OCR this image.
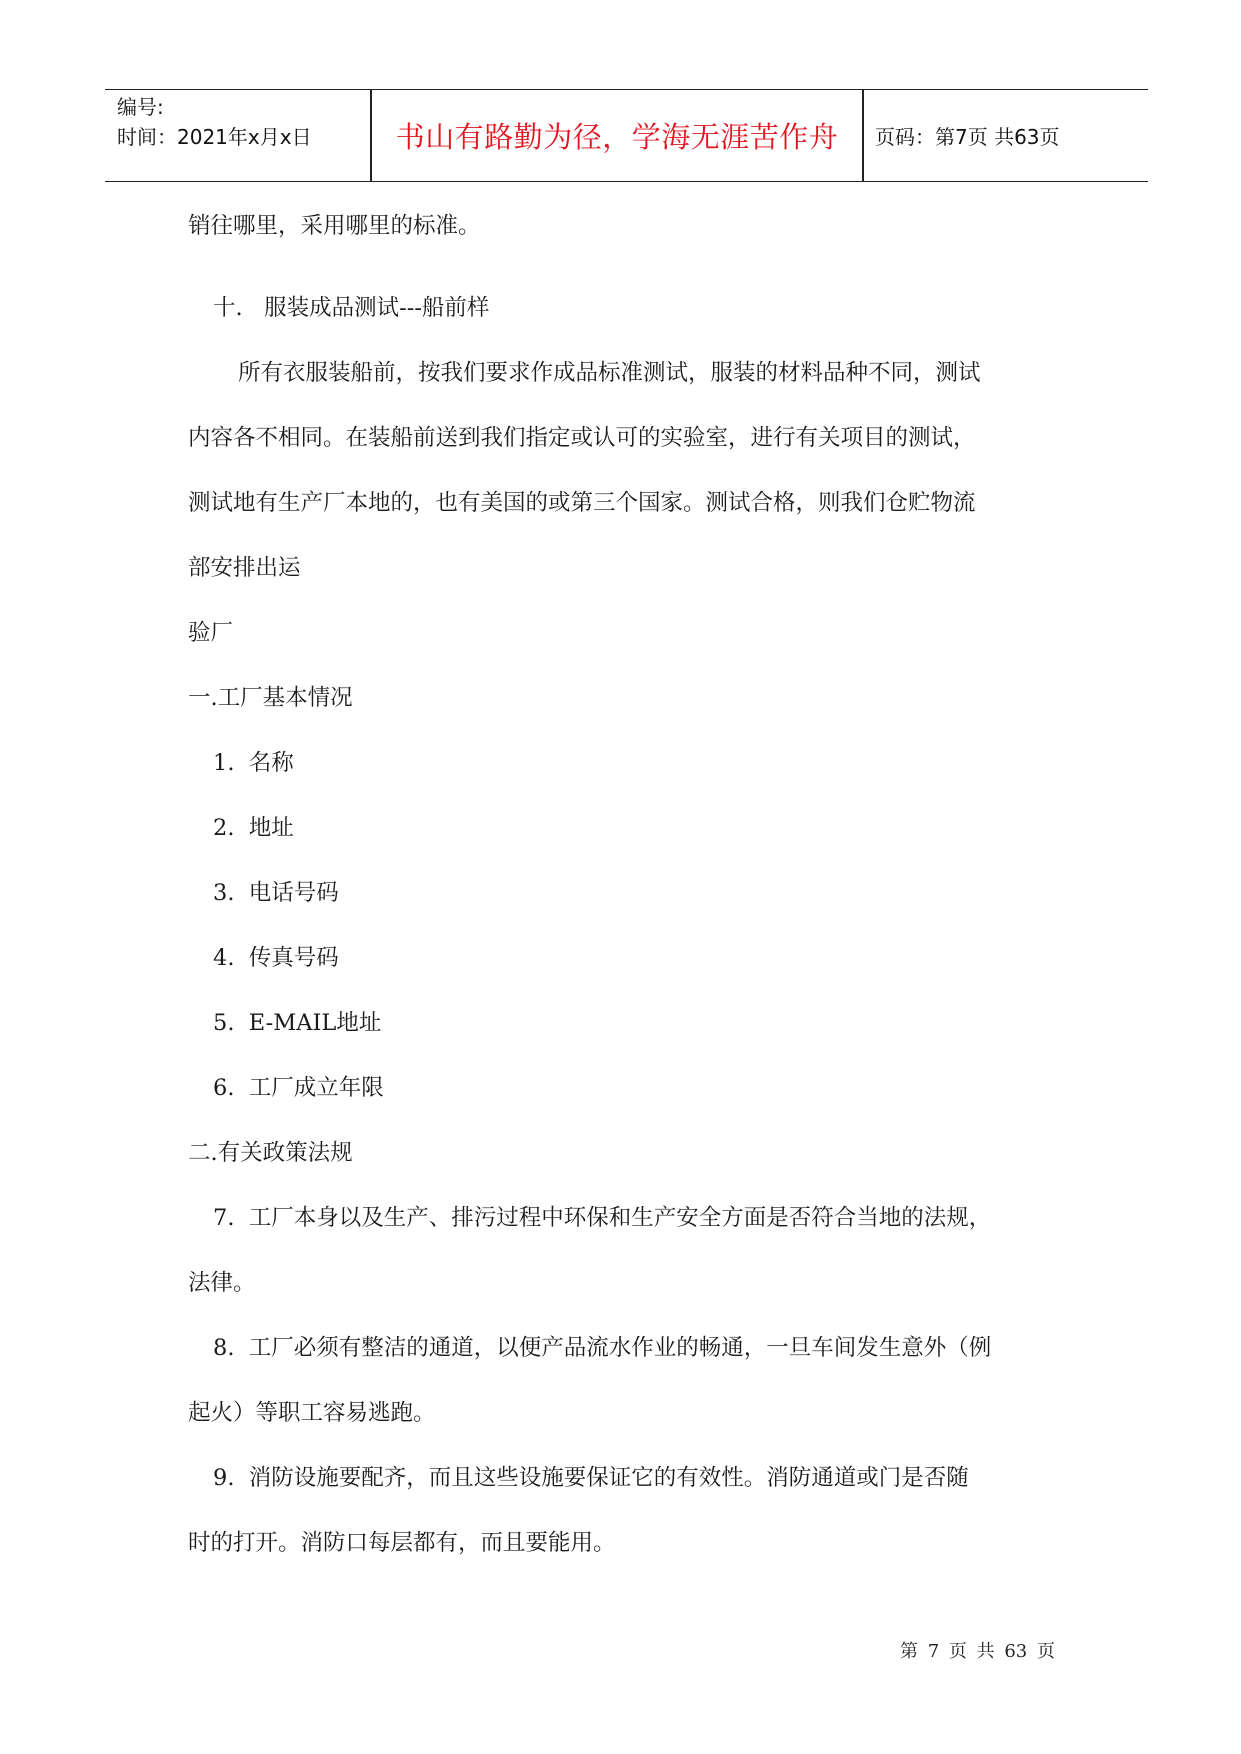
编号:
时间：2021年x月x日	书山有路勤为径，学海无涯苦作舟	页码：第7页 共63页
销往哪里，采用哪里的标准。
十.   服装成品测试---船前样
所有衣服装船前，按我们要求作成品标准测试，服装的材料品种不同，测试
内容各不相同。在装船前送到我们指定或认可的实验室，进行有关项目的测试，
测试地有生产厂本地的，也有美国的或第三个国家。测试合格，则我们仓贮物流
部安排出运
验厂
一.工厂基本情况
1.  名称
2.  地址
3.  电话号码
4.  传真号码
5.  E-MAIL地址
6.  工厂成立年限
二.有关政策法规
7.  工厂本身以及生产、排污过程中环保和生产安全方面是否符合当地的法规，
法律。
8.  工厂必须有整洁的通道，以便产品流水作业的畅通，一旦车间发生意外（例
起火）等职工容易逃跑。
9.  消防设施要配齐，而且这些设施要保证它的有效性。消防通道或门是否随
时的打开。消防口每层都有，而且要能用。
第 7 页 共 63 页
